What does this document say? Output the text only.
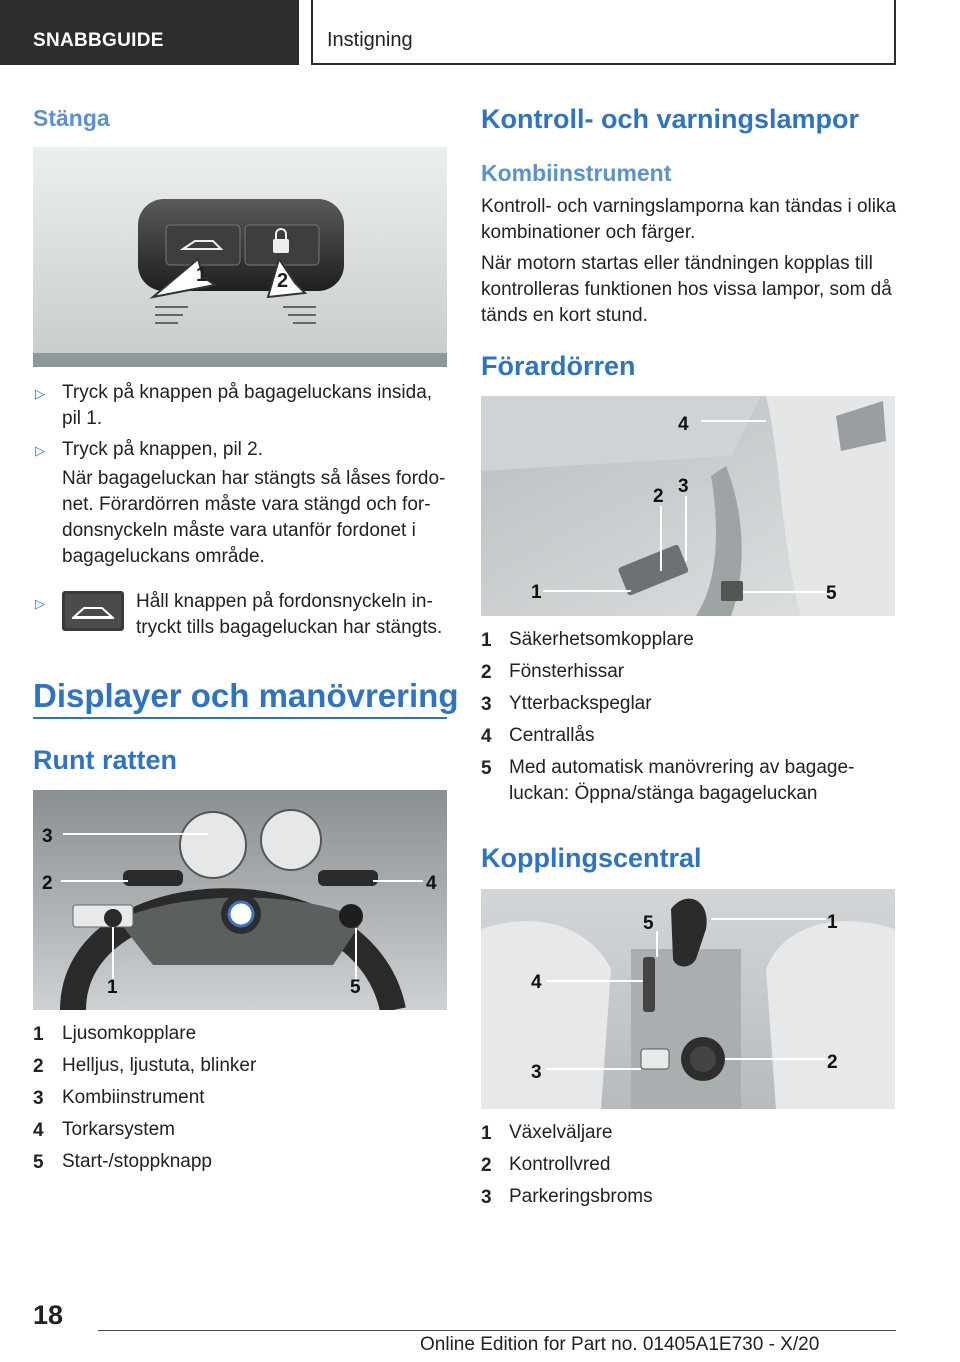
SNABBGUIDE	Instigning
Stänga
1	2
▷ Tryck på knappen på bagageluckans insida,
pil 1.
▷ Tryck på knappen, pil 2.
När bagageluckan har stängts så låses fordo-
net. Förardörren måste vara stängd och for-
donsnyckeln måste vara utanför fordonet i
bagageluckans område.
▷	Håll knappen på fordonsnyckeln in-
tryckt tills bagageluckan har stängts.
Displayer och manövrering
Runt ratten
3
2	4
1	5
1 Ljusomkopplare
2 Helljus, ljustuta, blinker
3 Kombiinstrument
4 Torkarsystem
5 Start-/stoppknapp
Kontroll- och varningslampor
Kombiinstrument
Kontroll- och varningslamporna kan tändas i olika
kombinationer och färger.
När motorn startas eller tändningen kopplas till
kontrolleras funktionen hos vissa lampor, som då
tänds en kort stund.
Förardörren
1
2 3
4
5
1 Säkerhetsomkopplare
2 Fönsterhissar
3 Ytterbackspeglar
4 Centrallås
5 Med automatisk manövrering av bagage-
luckan: Öppna/stänga bagageluckan
Kopplingscentral
1
2
3
4
5
1 Växelväljare
2 Kontrollvred
3 Parkeringsbroms
18
Online Edition for Part no. 01405A1E730 - X/20
